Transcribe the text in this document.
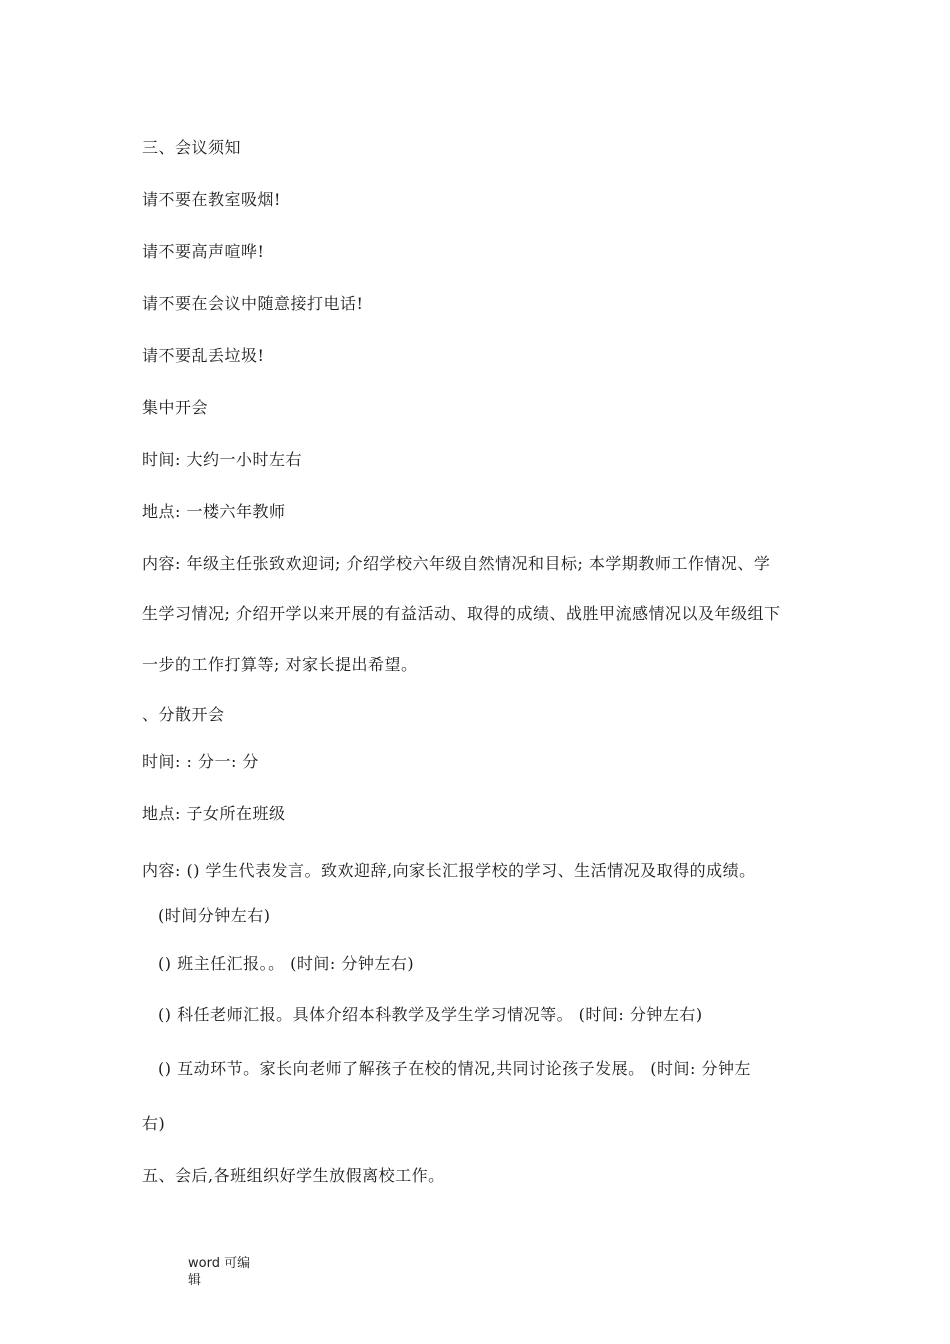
三、会议须知
请不要在教室吸烟!
请不要高声喧哗!
请不要在会议中随意接打电话!
请不要乱丢垃圾!
集中开会
时间: 大约一小时左右
地点: 一楼六年教师
内容: 年级主任张致欢迎词; 介绍学校六年级自然情况和目标; 本学期教师工作情况、学
生学习情况; 介绍开学以来开展的有益活动、取得的成绩、战胜甲流感情况以及年级组下
一步的工作打算等; 对家长提出希望。
、分散开会
时间: : 分一: 分
地点: 子女所在班级
内容: () 学生代表发言。致欢迎辞,向家长汇报学校的学习、生活情况及取得的成绩。
(时间分钟左右)
() 班主任汇报。。 (时间: 分钟左右)
() 科任老师汇报。具体介绍本科教学及学生学习情况等。 (时间: 分钟左右)
() 互动环节。家长向老师了解孩子在校的情况,共同讨论孩子发展。 (时间: 分钟左
右)
五、会后,各班组织好学生放假离校工作。
word 可编
辑
